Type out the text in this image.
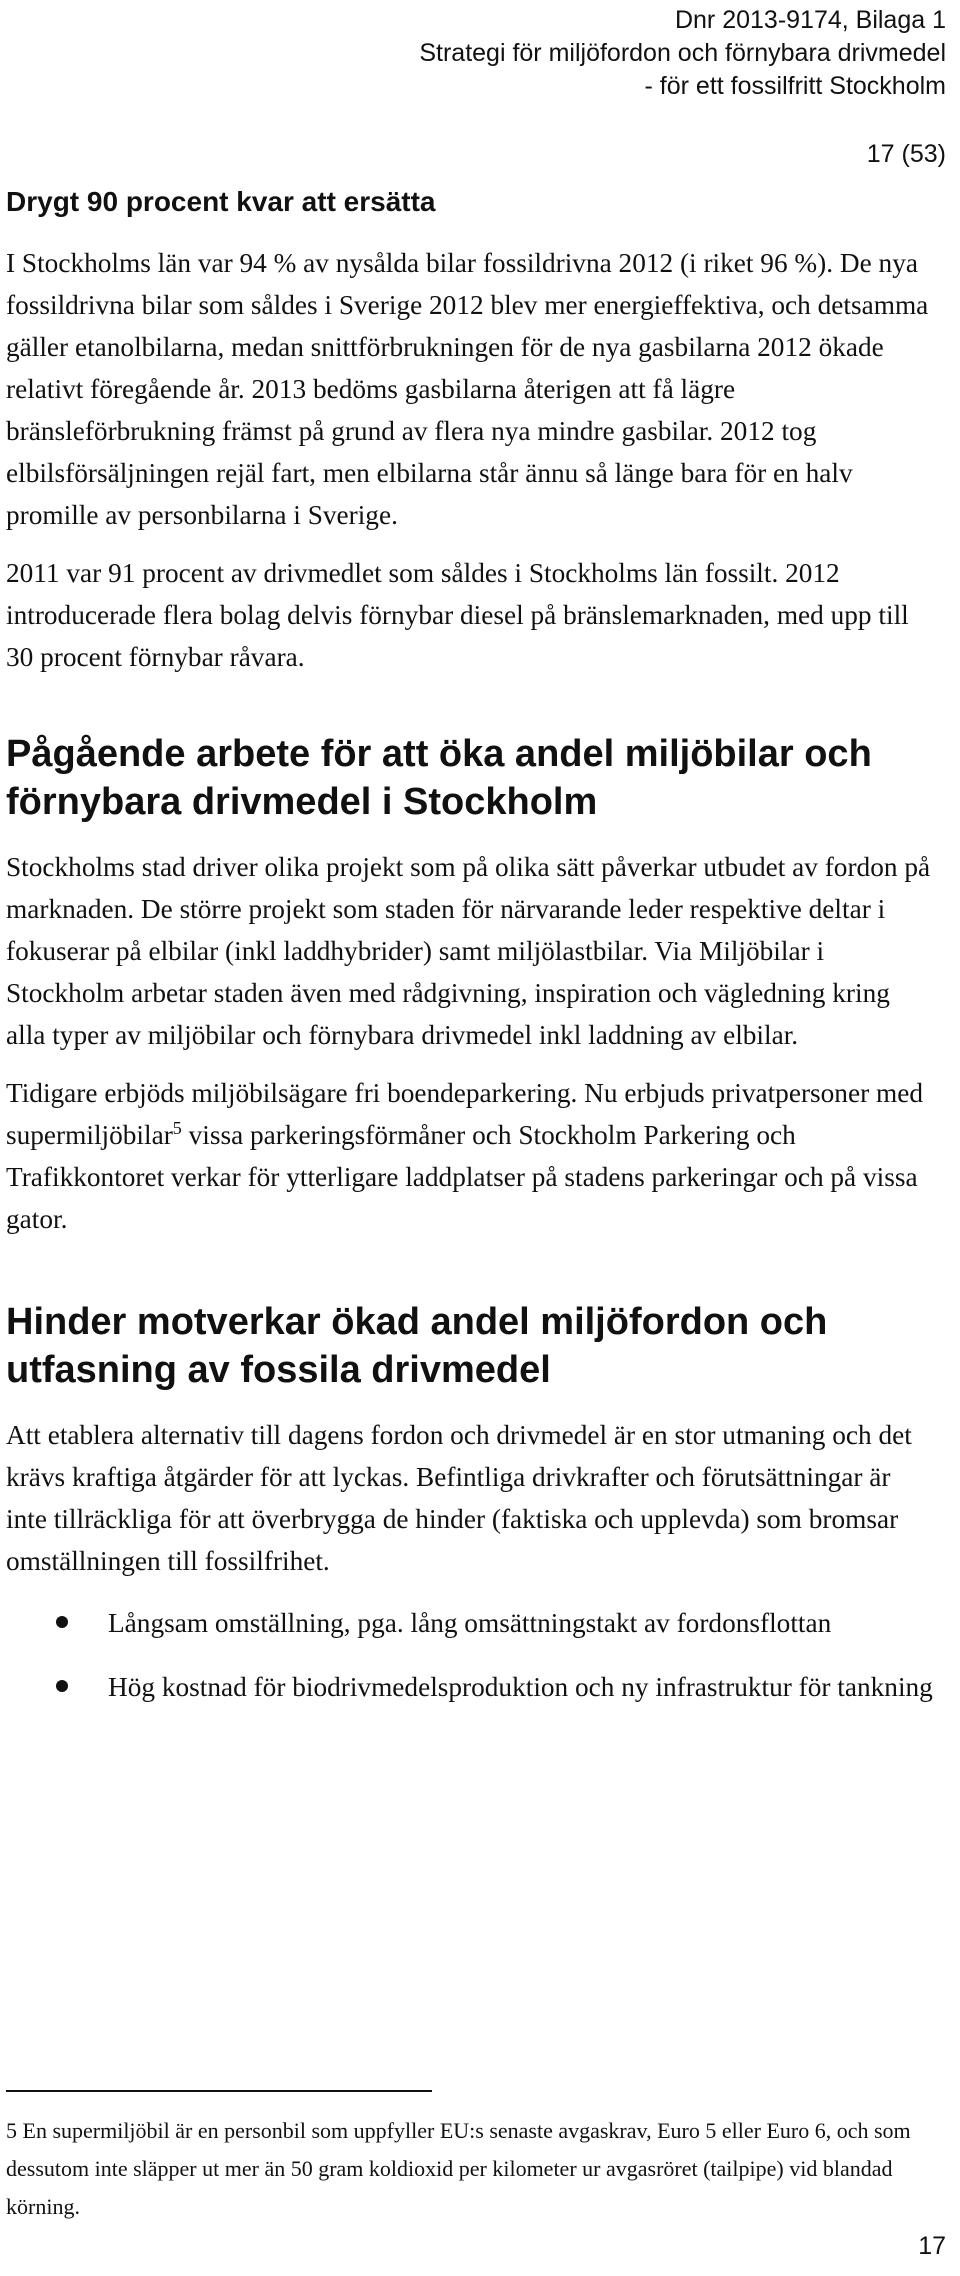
Dnr 2013-9174, Bilaga 1
Strategi för miljöfordon och förnybara drivmedel
- för ett fossilfritt Stockholm
17 (53)
Drygt 90 procent kvar att ersätta

I Stockholms län var 94 % av nysålda bilar fossildrivna 2012 (i riket 96 %). De nya fossildrivna bilar som såldes i Sverige 2012 blev mer energieffektiva, och detsamma gäller etanolbilarna, medan snittförbrukningen för de nya gasbilarna 2012 ökade relativt föregående år. 2013 bedöms gasbilarna återigen att få lägre bränsleförbrukning främst på grund av flera nya mindre gasbilar. 2012 tog elbilsförsäljningen rejäl fart, men elbilarna står ännu så länge bara för en halv promille av personbilarna i Sverige.

2011 var 91 procent av drivmedlet som såldes i Stockholms län fossilt. 2012 introducerade flera bolag delvis förnybar diesel på bränslemarknaden, med upp till 30 procent förnybar råvara.

Pågående arbete för att öka andel miljöbilar och förnybara drivmedel i Stockholm

Stockholms stad driver olika projekt som på olika sätt påverkar utbudet av fordon på marknaden. De större projekt som staden för närvarande leder respektive deltar i fokuserar på elbilar (inkl laddhybrider) samt miljölastbilar. Via Miljöbilar i Stockholm arbetar staden även med rådgivning, inspiration och vägledning kring alla typer av miljöbilar och förnybara drivmedel inkl laddning av elbilar.

Tidigare erbjöds miljöbilsägare fri boendeparkering. Nu erbjuds privatpersoner med supermiljöbilar$^5$ vissa parkeringsförmåner och Stockholm Parkering och Trafikkontoret verkar för ytterligare laddplatser på stadens parkeringar och på vissa gator.

Hinder motverkar ökad andel miljöfordon och utfasning av fossila drivmedel

Att etablera alternativ till dagens fordon och drivmedel är en stor utmaning och det krävs kraftiga åtgärder för att lyckas. Befintliga drivkrafter och förutsättningar är inte tillräckliga för att överbrygga de hinder (faktiska och upplevda) som bromsar omställningen till fossilfrihet.

Långsam omställning, pga. lång omsättningstakt av fordonsflottan
Hög kostnad för biodrivmedelsproduktion och ny infrastruktur för tankning
5 En supermiljöbil är en personbil som uppfyller EU:s senaste avgaskrav, Euro 5 eller Euro 6, och som dessutom inte släpper ut mer än 50 gram koldioxid per kilometer ur avgasröret (tailpipe) vid blandad körning.
17
